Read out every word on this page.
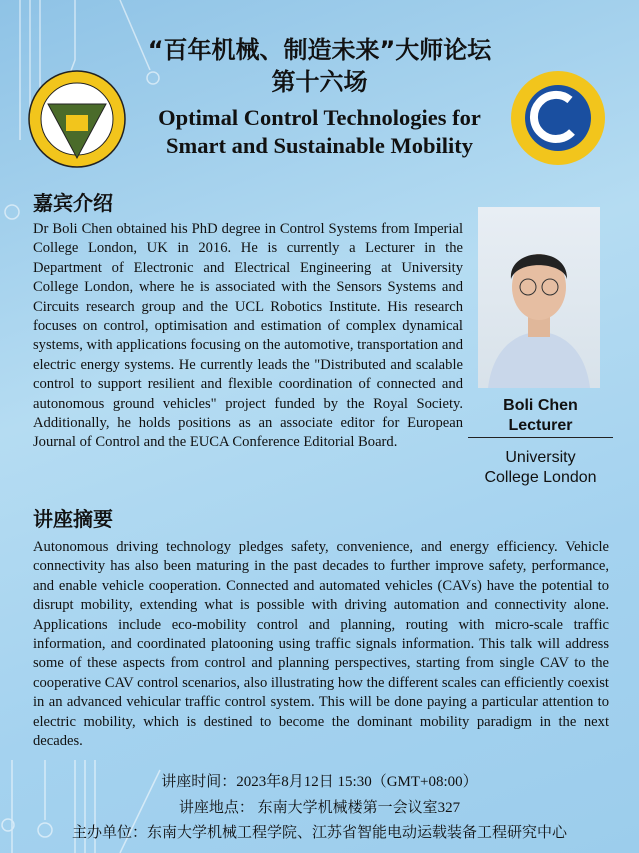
“百年机械、制造未来”大师论坛
第十六场
Optimal Control Technologies for
Smart and Sustainable Mobility
嘉宾介绍
Dr Boli Chen obtained his PhD degree in Control Systems from Imperial College London, UK in 2016. He is currently a Lecturer in the Department of Electronic and Electrical Engineering at University College London, where he is associated with the Sensors Systems and Circuits research group and the UCL Robotics Institute. His research focuses on control, optimisation and estimation of complex dynamical systems, with applications focusing on the automotive, transportation and electric energy systems. He currently leads the "Distributed and scalable control to support resilient and flexible coordination of connected and autonomous ground vehicles" project funded by the Royal Society. Additionally, he holds positions as an associate editor for European Journal of Control and the EUCA Conference Editorial Board.
Boli Chen
Lecturer
University
College London
讲座摘要
Autonomous driving technology pledges safety, convenience, and energy efficiency. Vehicle connectivity has also been maturing in the past decades to further improve safety, performance, and enable vehicle cooperation. Connected and automated vehicles (CAVs) have the potential to disrupt mobility, extending what is possible with driving automation and connectivity alone. Applications include eco-mobility control and planning, routing with micro-scale traffic information, and coordinated platooning using traffic signals information. This talk will address some of these aspects from control and planning perspectives, starting from single CAV to the cooperative CAV control scenarios, also illustrating how the different scales can efficiently coexist in an advanced vehicular traffic control system. This will be done paying a particular attention to electric mobility, which is destined to become the dominant mobility paradigm in the next decades.
讲座时间：2023年8月12日 15:30（GMT+08:00）
讲座地点： 东南大学机械楼第一会议室327
主办单位：东南大学机械工程学院、江苏省智能电动运载装备工程研究中心
